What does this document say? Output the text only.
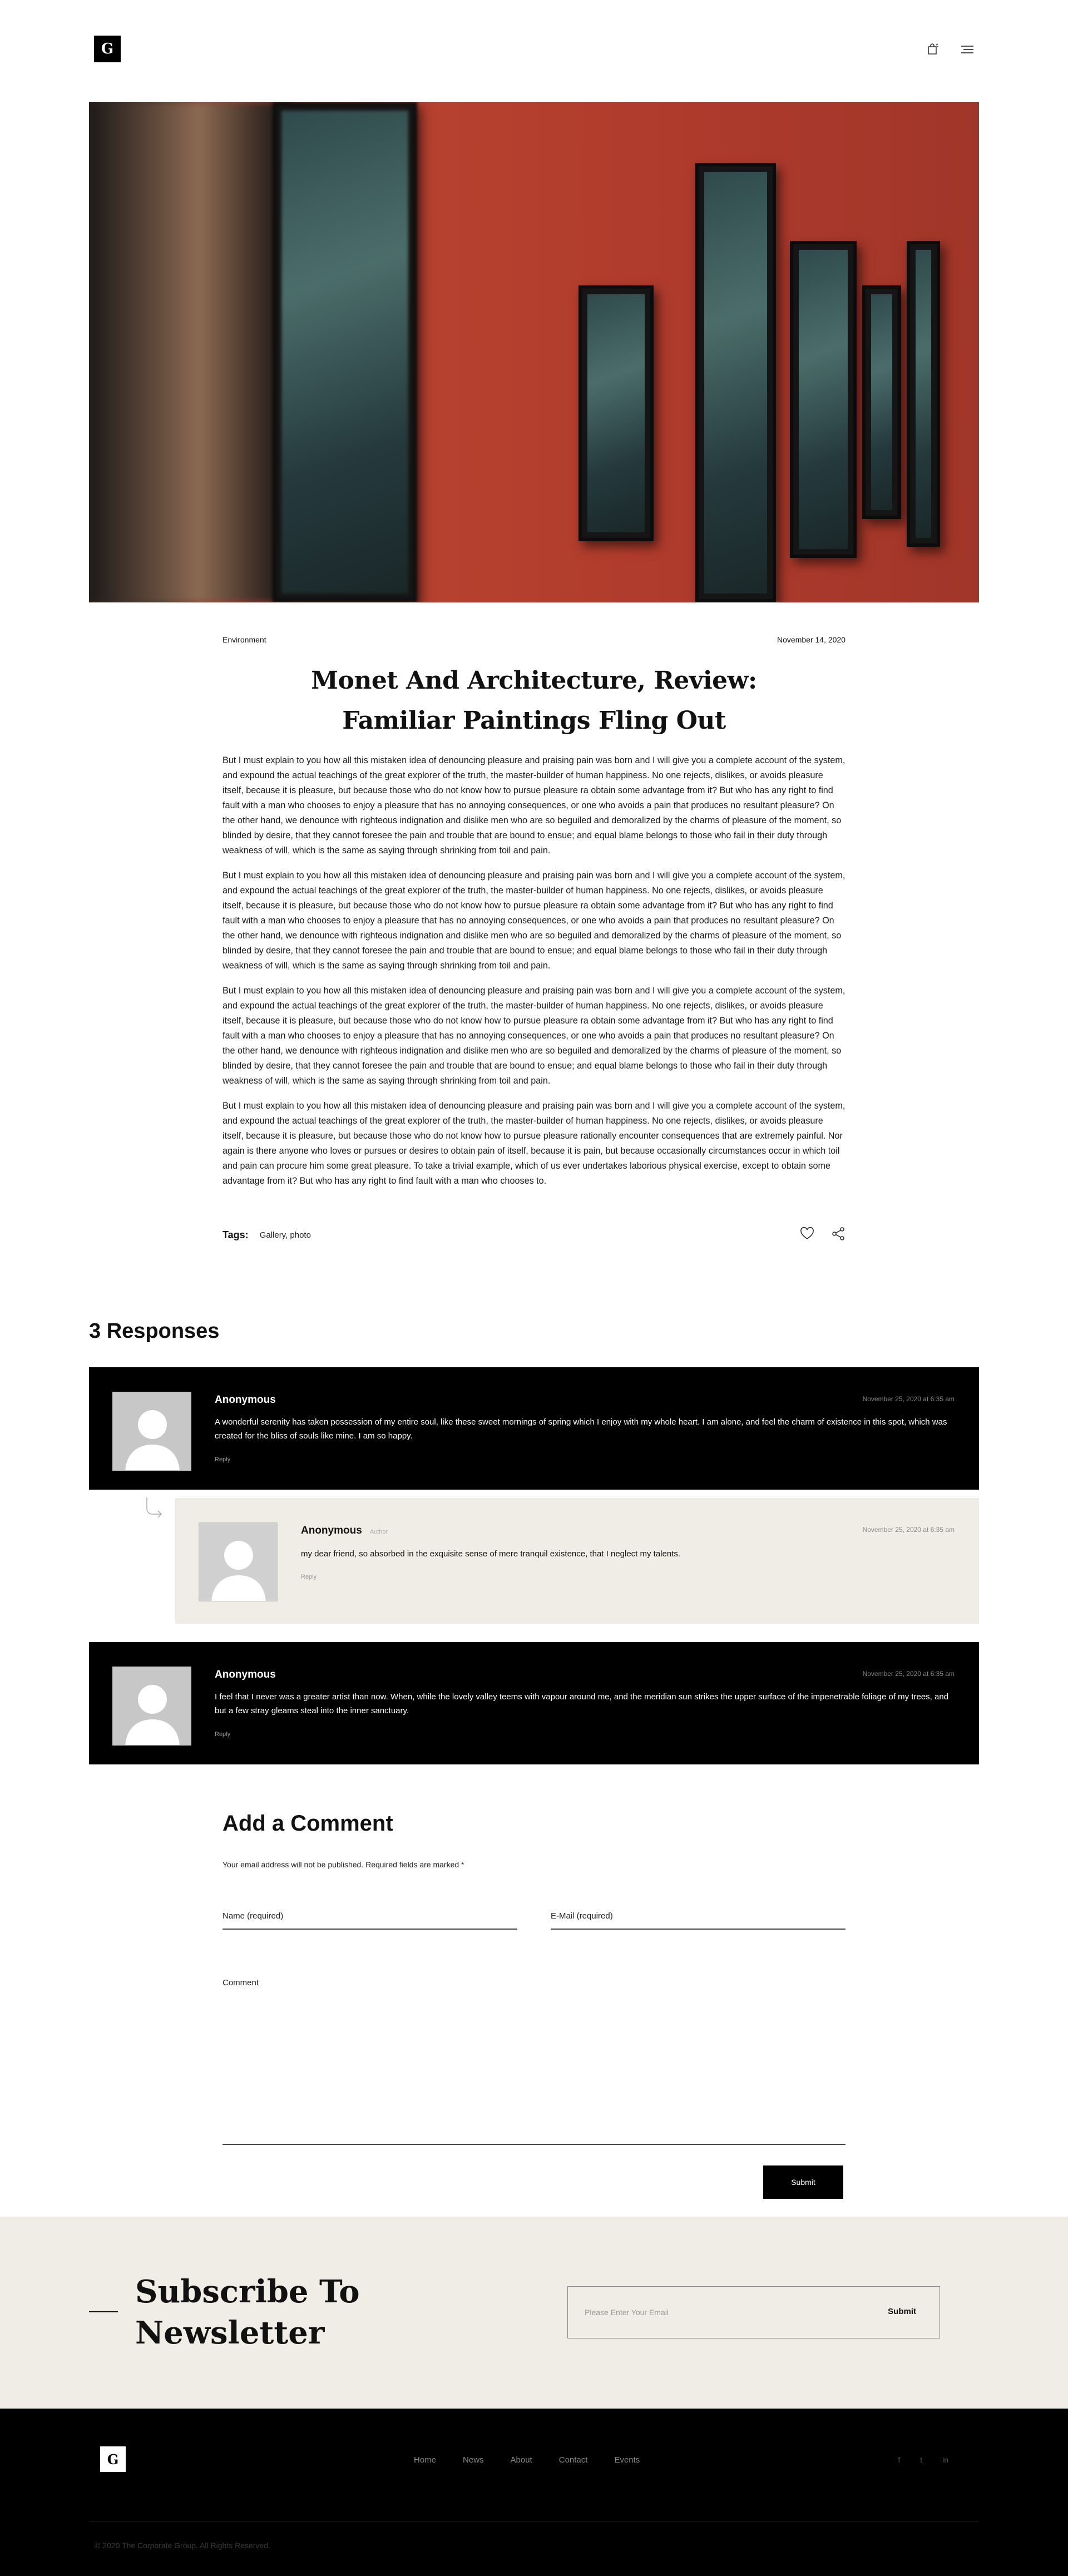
G
Environment	November 14, 2020
Monet And Architecture, Review:
Familiar Paintings Fling Out

But I must explain to you how all this mistaken idea of denouncing pleasure and praising pain was born and I will give you a complete account of the system, and expound the actual teachings of the great explorer of the truth, the master-builder of human happiness. No one rejects, dislikes, or avoids pleasure itself, because it is pleasure, but because those who do not know how to pursue pleasure ra obtain some advantage from it? But who has any right to find fault with a man who chooses to enjoy a pleasure that has no annoying consequences, or one who avoids a pain that produces no resultant pleasure? On the other hand, we denounce with righteous indignation and dislike men who are so beguiled and demoralized by the charms of pleasure of the moment, so blinded by desire, that they cannot foresee the pain and trouble that are bound to ensue; and equal blame belongs to those who fail in their duty through weakness of will, which is the same as saying through shrinking from toil and pain.

But I must explain to you how all this mistaken idea of denouncing pleasure and praising pain was born and I will give you a complete account of the system, and expound the actual teachings of the great explorer of the truth, the master-builder of human happiness. No one rejects, dislikes, or avoids pleasure itself, because it is pleasure, but because those who do not know how to pursue pleasure ra obtain some advantage from it? But who has any right to find fault with a man who chooses to enjoy a pleasure that has no annoying consequences, or one who avoids a pain that produces no resultant pleasure? On the other hand, we denounce with righteous indignation and dislike men who are so beguiled and demoralized by the charms of pleasure of the moment, so blinded by desire, that they cannot foresee the pain and trouble that are bound to ensue; and equal blame belongs to those who fail in their duty through weakness of will, which is the same as saying through shrinking from toil and pain.

But I must explain to you how all this mistaken idea of denouncing pleasure and praising pain was born and I will give you a complete account of the system, and expound the actual teachings of the great explorer of the truth, the master-builder of human happiness. No one rejects, dislikes, or avoids pleasure itself, because it is pleasure, but because those who do not know how to pursue pleasure ra obtain some advantage from it? But who has any right to find fault with a man who chooses to enjoy a pleasure that has no annoying consequences, or one who avoids a pain that produces no resultant pleasure? On the other hand, we denounce with righteous indignation and dislike men who are so beguiled and demoralized by the charms of pleasure of the moment, so blinded by desire, that they cannot foresee the pain and trouble that are bound to ensue; and equal blame belongs to those who fail in their duty through weakness of will, which is the same as saying through shrinking from toil and pain.

But I must explain to you how all this mistaken idea of denouncing pleasure and praising pain was born and I will give you a complete account of the system, and expound the actual teachings of the great explorer of the truth, the master-builder of human happiness. No one rejects, dislikes, or avoids pleasure itself, because it is pleasure, but because those who do not know how to pursue pleasure rationally encounter consequences that are extremely painful. Nor again is there anyone who loves or pursues or desires to obtain pain of itself, because it is pain, but because occasionally circumstances occur in which toil and pain can procure him some great pleasure. To take a trivial example, which of us ever undertakes laborious physical exercise, except to obtain some advantage from it? But who has any right to find fault with a man who chooses to.

Tags: Gallery, photo
3 Responses
Anonymous	November 25, 2020 at 6:35 am
A wonderful serenity has taken possession of my entire soul, like these sweet mornings of spring which I enjoy with my whole heart. I am alone, and feel the charm of existence in this spot, which was created for the bliss of souls like mine. I am so happy.
Reply
Anonymous Author	November 25, 2020 at 6:35 am
my dear friend, so absorbed in the exquisite sense of mere tranquil existence, that I neglect my talents.
Reply
Anonymous	November 25, 2020 at 6:35 am
I feel that I never was a greater artist than now. When, while the lovely valley teems with vapour around me, and the meridian sun strikes the upper surface of the impenetrable foliage of my trees, and but a few stray gleams steal into the inner sanctuary.
Reply
Add a Comment
Your email address will not be published. Required fields are marked *
Name (required)	E-Mail (required)
Comment
Submit
Subscribe To
Newsletter
Please Enter Your Email	Submit
G	Home	News	About	Contact	Events	f	t	in
© 2020 The Corporate Group. All Rights Reserved.
